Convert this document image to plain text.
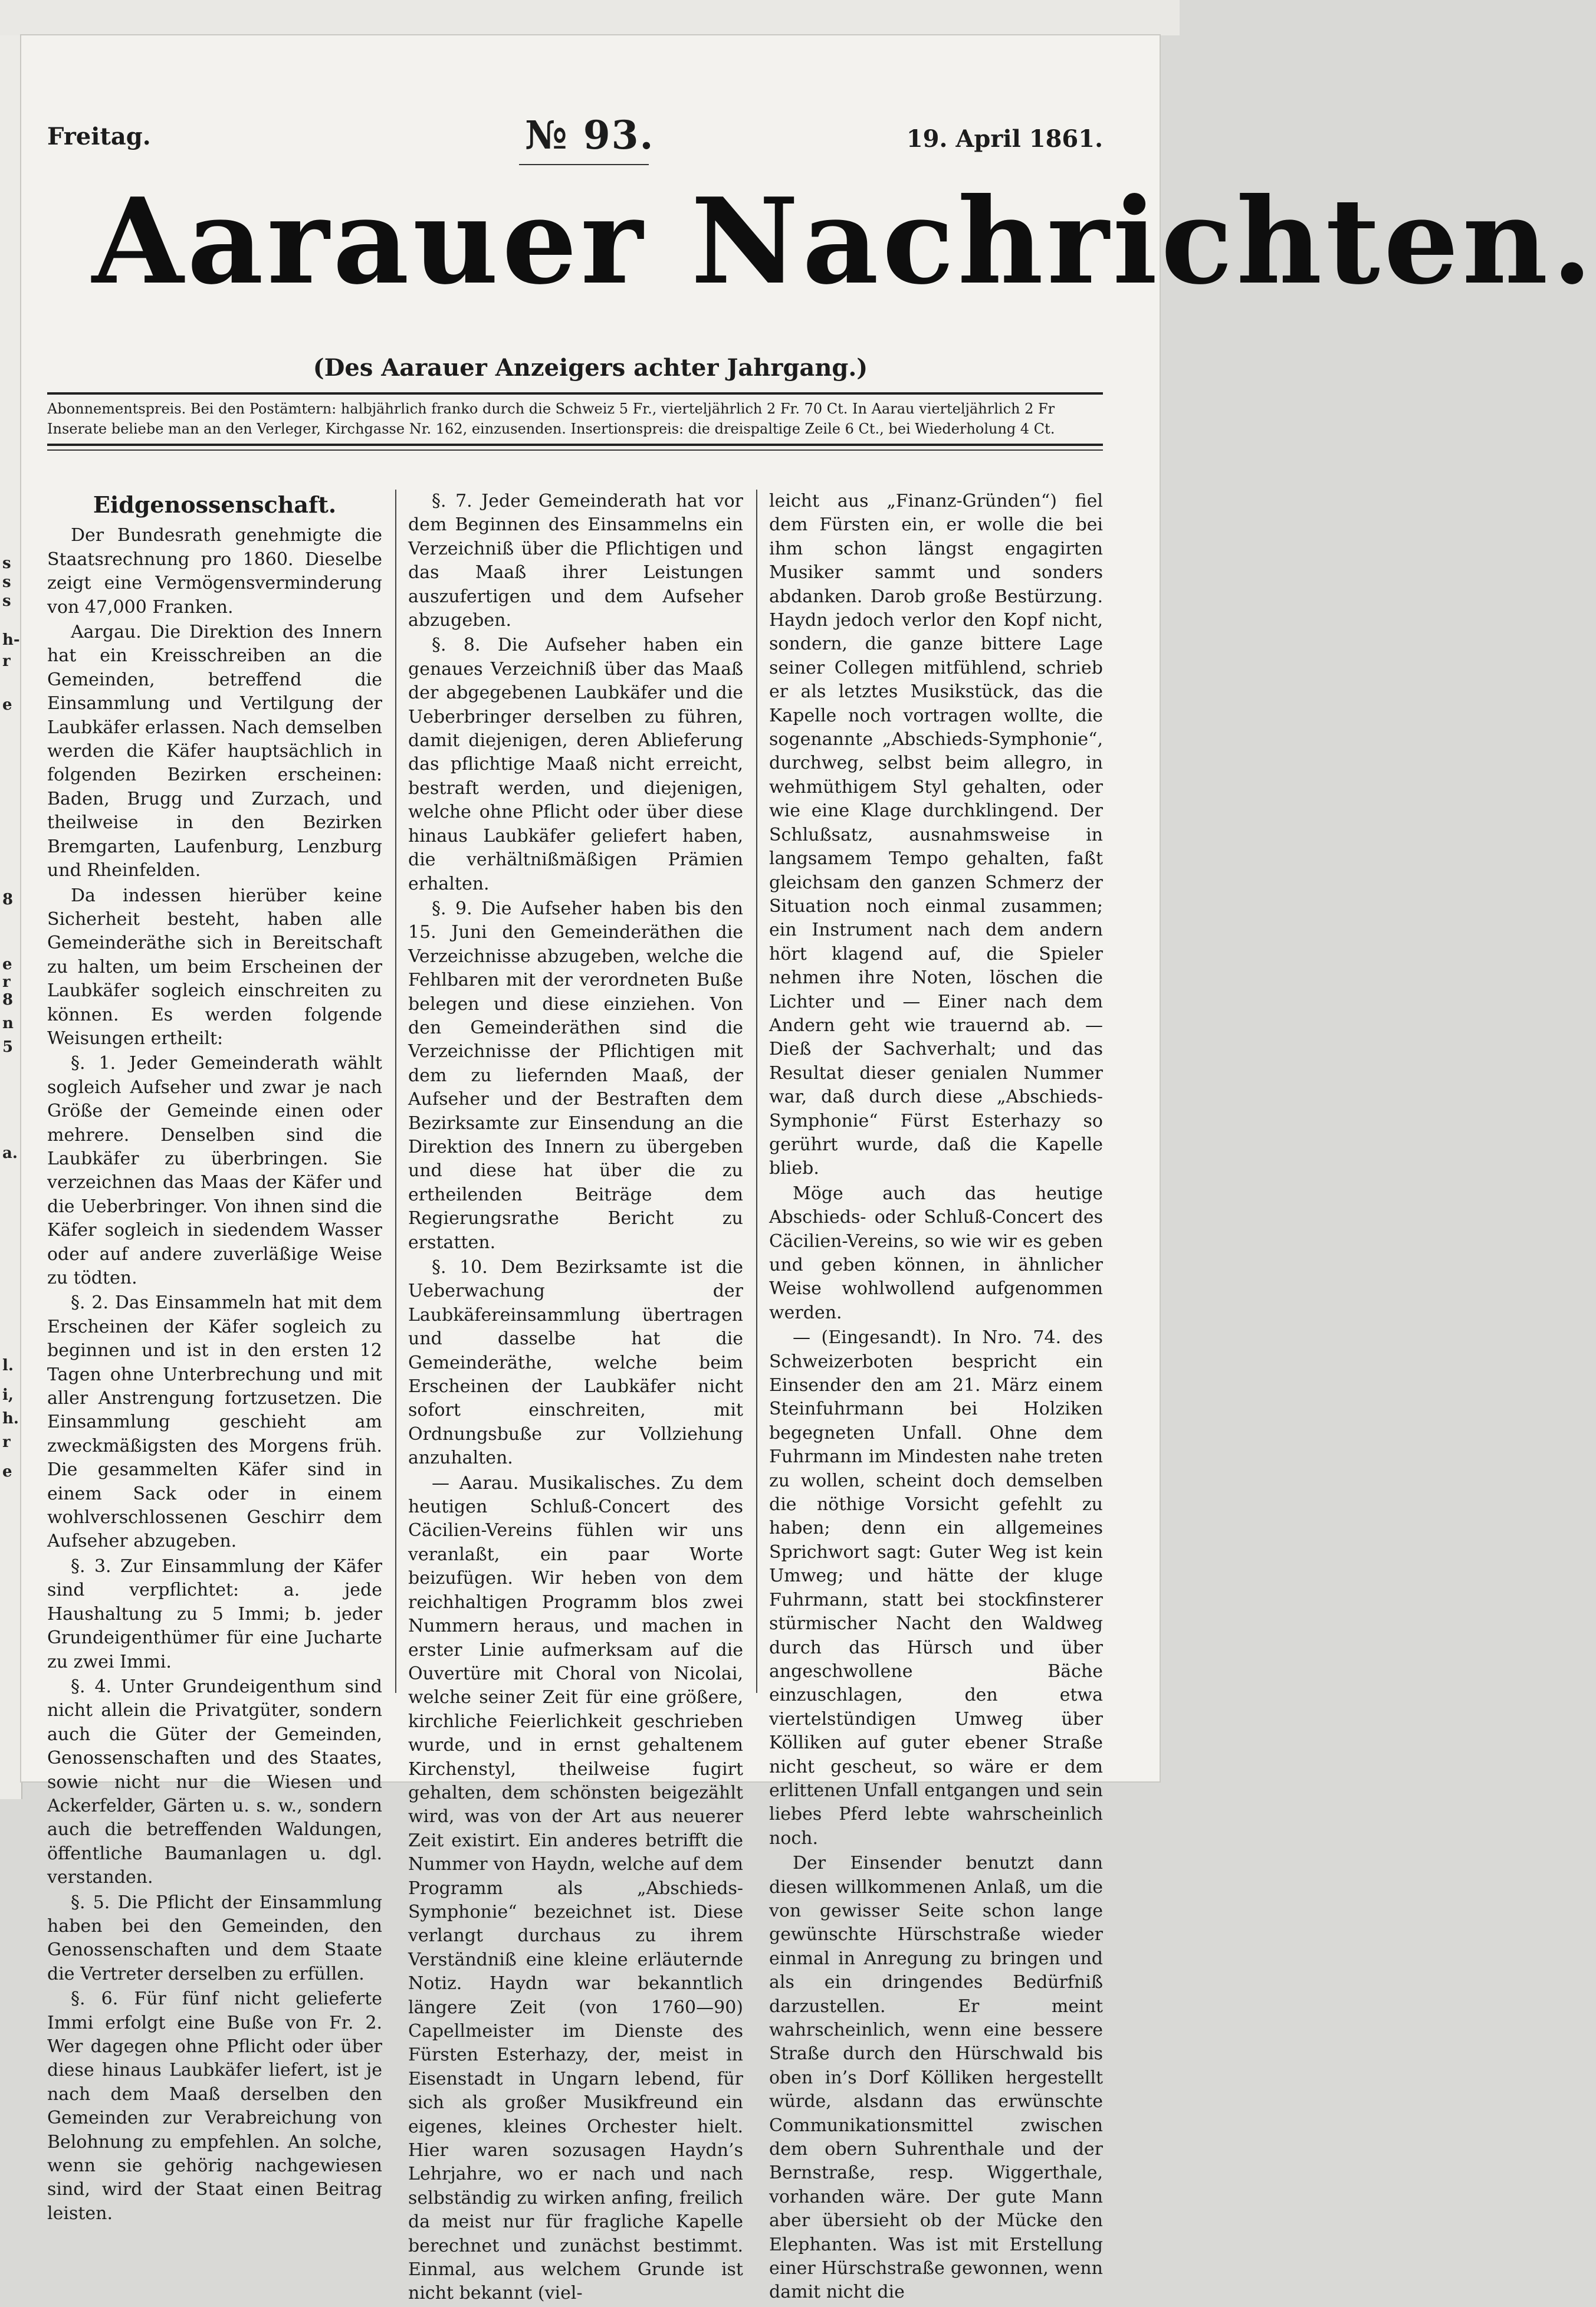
s
s
s
h-
r
e
8
e
r
8
n
5
a.
l.
i,
h.
r
e
Freitag.	№ 93.	19. April 1861.
Aarauer Nachrichten.
(Des Aarauer Anzeigers achter Jahrgang.)
Abonnementspreis. Bei den Postämtern: halbjährlich franko durch die Schweiz 5 Fr., vierteljährlich 2 Fr. 70 Ct. In Aarau vierteljährlich 2 Fr
Inserate beliebe man an den Verleger, Kirchgasse Nr. 162, einzusenden. Insertionspreis: die dreispaltige Zeile 6 Ct., bei Wiederholung 4 Ct.
Eidgenossenschaft.

Der Bundesrath genehmigte die Staatsrechnung pro 1860. Dieselbe zeigt eine Vermögensverminderung von 47,000 Franken.

Aargau. Die Direktion des Innern hat ein Kreisschreiben an die Gemeinden, betreffend die Einsammlung und Vertilgung der Laubkäfer erlassen. Nach demselben werden die Käfer hauptsächlich in folgenden Bezirken erscheinen: Baden, Brugg und Zurzach, und theilweise in den Bezirken Bremgarten, Laufenburg, Lenzburg und Rheinfelden.

Da indessen hierüber keine Sicherheit besteht, haben alle Gemeinderäthe sich in Bereitschaft zu halten, um beim Erscheinen der Laubkäfer sogleich einschreiten zu können. Es werden folgende Weisungen ertheilt:

§. 1. Jeder Gemeinderath wählt sogleich Aufseher und zwar je nach Größe der Gemeinde einen oder mehrere. Denselben sind die Laubkäfer zu überbringen. Sie verzeichnen das Maas der Käfer und die Ueberbringer. Von ihnen sind die Käfer sogleich in siedendem Wasser oder auf andere zuverläßige Weise zu tödten.

§. 2. Das Einsammeln hat mit dem Erscheinen der Käfer sogleich zu beginnen und ist in den ersten 12 Tagen ohne Unterbrechung und mit aller Anstrengung fortzusetzen. Die Einsammlung geschieht am zweckmäßigsten des Morgens früh. Die gesammelten Käfer sind in einem Sack oder in einem wohlverschlossenen Geschirr dem Aufseher abzugeben.

§. 3. Zur Einsammlung der Käfer sind verpflichtet: a. jede Haushaltung zu 5 Immi; b. jeder Grundeigenthümer für eine Jucharte zu zwei Immi.

§. 4. Unter Grundeigenthum sind nicht allein die Privatgüter, sondern auch die Güter der Gemeinden, Genossenschaften und des Staates, sowie nicht nur die Wiesen und Ackerfelder, Gärten u. s. w., sondern auch die betreffenden Waldungen, öffentliche Baumanlagen u. dgl. verstanden.

§. 5. Die Pflicht der Einsammlung haben bei den Gemeinden, den Genossenschaften und dem Staate die Vertreter derselben zu erfüllen.

§. 6. Für fünf nicht gelieferte Immi erfolgt eine Buße von Fr. 2. Wer dagegen ohne Pflicht oder über diese hinaus Laubkäfer liefert, ist je nach dem Maaß derselben den Gemeinden zur Verabreichung von Belohnung zu empfehlen. An solche, wenn sie gehörig nachgewiesen sind, wird der Staat einen Beitrag leisten.

§. 7. Jeder Gemeinderath hat vor dem Beginnen des Einsammelns ein Verzeichniß über die Pflichtigen und das Maaß ihrer Leistungen auszufertigen und dem Aufseher abzugeben.

§. 8. Die Aufseher haben ein genaues Verzeichniß über das Maaß der abgegebenen Laubkäfer und die Ueberbringer derselben zu führen, damit diejenigen, deren Ablieferung das pflichtige Maaß nicht erreicht, bestraft werden, und diejenigen, welche ohne Pflicht oder über diese hinaus Laubkäfer geliefert haben, die verhältnißmäßigen Prämien erhalten.

§. 9. Die Aufseher haben bis den 15. Juni den Gemeinderäthen die Verzeichnisse abzugeben, welche die Fehlbaren mit der verordneten Buße belegen und diese einziehen. Von den Gemeinderäthen sind die Verzeichnisse der Pflichtigen mit dem zu liefernden Maaß, der Aufseher und der Bestraften dem Bezirksamte zur Einsendung an die Direktion des Innern zu übergeben und diese hat über die zu ertheilenden Beiträge dem Regierungsrathe Bericht zu erstatten.

§. 10. Dem Bezirksamte ist die Ueberwachung der Laubkäfereinsammlung übertragen und dasselbe hat die Gemeinderäthe, welche beim Erscheinen der Laubkäfer nicht sofort einschreiten, mit Ordnungsbuße zur Vollziehung anzuhalten.

— Aarau. Musikalisches. Zu dem heutigen Schluß-Concert des Cäcilien-Vereins fühlen wir uns veranlaßt, ein paar Worte beizufügen. Wir heben von dem reichhaltigen Programm blos zwei Nummern heraus, und machen in erster Linie aufmerksam auf die Ouvertüre mit Choral von Nicolai, welche seiner Zeit für eine größere, kirchliche Feierlichkeit geschrieben wurde, und in ernst gehaltenem Kirchenstyl, theilweise fugirt gehalten, dem schönsten beigezählt wird, was von der Art aus neuerer Zeit existirt. Ein anderes betrifft die Nummer von Haydn, welche auf dem Programm als „Abschieds-Symphonie“ bezeichnet ist. Diese verlangt durchaus zu ihrem Verständniß eine kleine erläuternde Notiz. Haydn war bekanntlich längere Zeit (von 1760—90) Capellmeister im Dienste des Fürsten Esterhazy, der, meist in Eisenstadt in Ungarn lebend, für sich als großer Musikfreund ein eigenes, kleines Orchester hielt. Hier waren sozusagen Haydn’s Lehrjahre, wo er nach und nach selbständig zu wirken anfing, freilich da meist nur für fragliche Kapelle berechnet und zunächst bestimmt. Einmal, aus welchem Grunde ist nicht bekannt (viel-

leicht aus „Finanz-Gründen“) fiel dem Fürsten ein, er wolle die bei ihm schon längst engagirten Musiker sammt und sonders abdanken. Darob große Bestürzung. Haydn jedoch verlor den Kopf nicht, sondern, die ganze bittere Lage seiner Collegen mitfühlend, schrieb er als letztes Musikstück, das die Kapelle noch vortragen wollte, die sogenannte „Abschieds-Symphonie“, durchweg, selbst beim allegro, in wehmüthigem Styl gehalten, oder wie eine Klage durchklingend. Der Schlußsatz, ausnahmsweise in langsamem Tempo gehalten, faßt gleichsam den ganzen Schmerz der Situation noch einmal zusammen; ein Instrument nach dem andern hört klagend auf, die Spieler nehmen ihre Noten, löschen die Lichter und — Einer nach dem Andern geht wie trauernd ab. — Dieß der Sachverhalt; und das Resultat dieser genialen Nummer war, daß durch diese „Abschieds-Symphonie“ Fürst Esterhazy so gerührt wurde, daß die Kapelle blieb.

Möge auch das heutige Abschieds- oder Schluß-Concert des Cäcilien-Vereins, so wie wir es geben und geben können, in ähnlicher Weise wohlwollend aufgenommen werden.

— (Eingesandt). In Nro. 74. des Schweizerboten bespricht ein Einsender den am 21. März einem Steinfuhrmann bei Holziken begegneten Unfall. Ohne dem Fuhrmann im Mindesten nahe treten zu wollen, scheint doch demselben die nöthige Vorsicht gefehlt zu haben; denn ein allgemeines Sprichwort sagt: Guter Weg ist kein Umweg; und hätte der kluge Fuhrmann, statt bei stockfinsterer stürmischer Nacht den Waldweg durch das Hürsch und über angeschwollene Bäche einzuschlagen, den etwa viertelstündigen Umweg über Kölliken auf guter ebener Straße nicht gescheut, so wäre er dem erlittenen Unfall entgangen und sein liebes Pferd lebte wahrscheinlich noch.

Der Einsender benutzt dann diesen willkommenen Anlaß, um die von gewisser Seite schon lange gewünschte Hürschstraße wieder einmal in Anregung zu bringen und als ein dringendes Bedürfniß darzustellen. Er meint wahrscheinlich, wenn eine bessere Straße durch den Hürschwald bis oben in’s Dorf Kölliken hergestellt würde, alsdann das erwünschte Communikationsmittel zwischen dem obern Suhrenthale und der Bernstraße, resp. Wiggerthale, vorhanden wäre. Der gute Mann aber übersieht ob der Mücke den Elephanten. Was ist mit Erstellung einer Hürschstraße gewonnen, wenn damit nicht die
